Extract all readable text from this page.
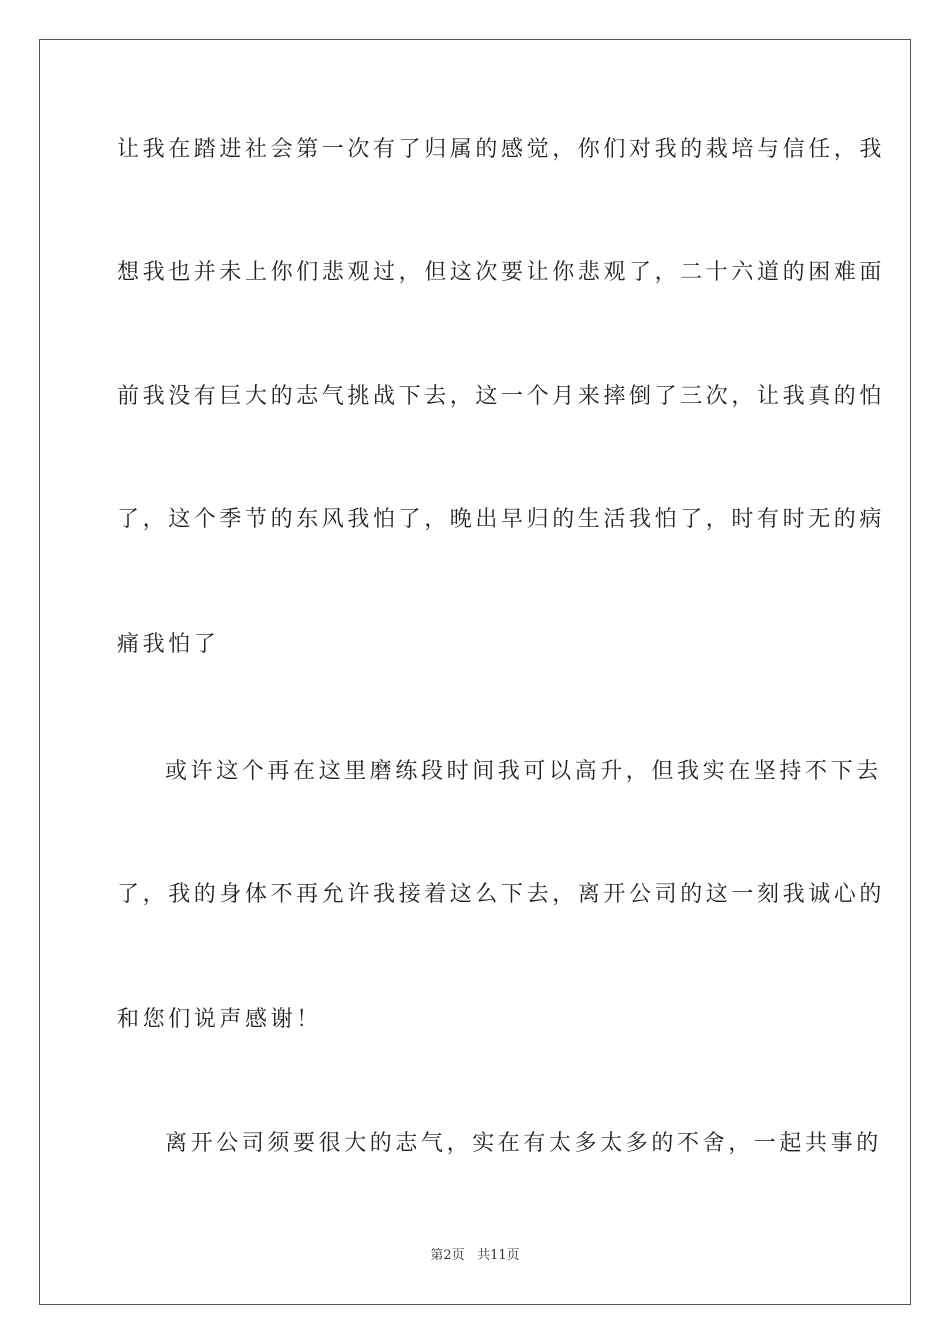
让我在踏进社会第一次有了归属的感觉，你们对我的栽培与信任，我
想我也并未上你们悲观过，但这次要让你悲观了，二十六道的困难面
前我没有巨大的志气挑战下去，这一个月来摔倒了三次，让我真的怕
了，这个季节的东风我怕了，晚出早归的生活我怕了，时有时无的病
痛我怕了
或许这个再在这里磨练段时间我可以高升，但我实在坚持不下去
了，我的身体不再允许我接着这么下去，离开公司的这一刻我诚心的
和您们说声感谢！
离开公司须要很大的志气，实在有太多太多的不舍，一起共事的
第2页 共11页
